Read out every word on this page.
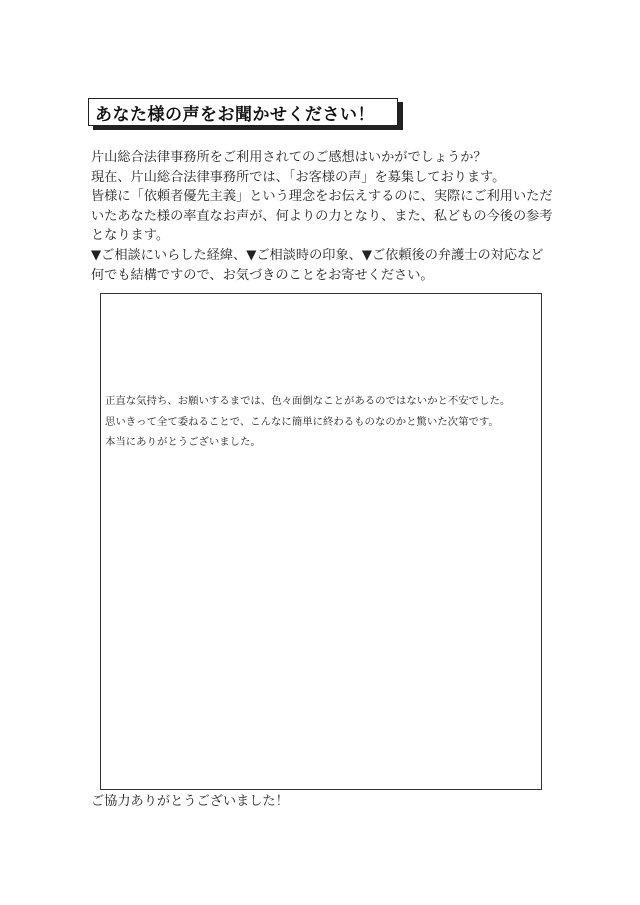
あなた様の声をお聞かせください！

片山総合法律事務所をご利用されてのご感想はいかがでしょうか？

現在、片山総合法律事務所では、「お客様の声」を募集しております。

皆様に「依頼者優先主義」という理念をお伝えするのに、実際にご利用いただ

いたあなた様の率直なお声が、何よりの力となり、また、私どもの今後の参考

となります。

▼ご相談にいらした経緯、▼ご相談時の印象、▼ご依頼後の弁護士の対応など

何でも結構ですので、お気づきのことをお寄せください。

正直な気持ち、お願いするまでは、色々面倒なことがあるのではないかと不安でした。

思いきって全て委ねることで、こんなに簡単に終わるものなのかと驚いた次第です。

本当にありがとうございました。

ご協力ありがとうございました！
